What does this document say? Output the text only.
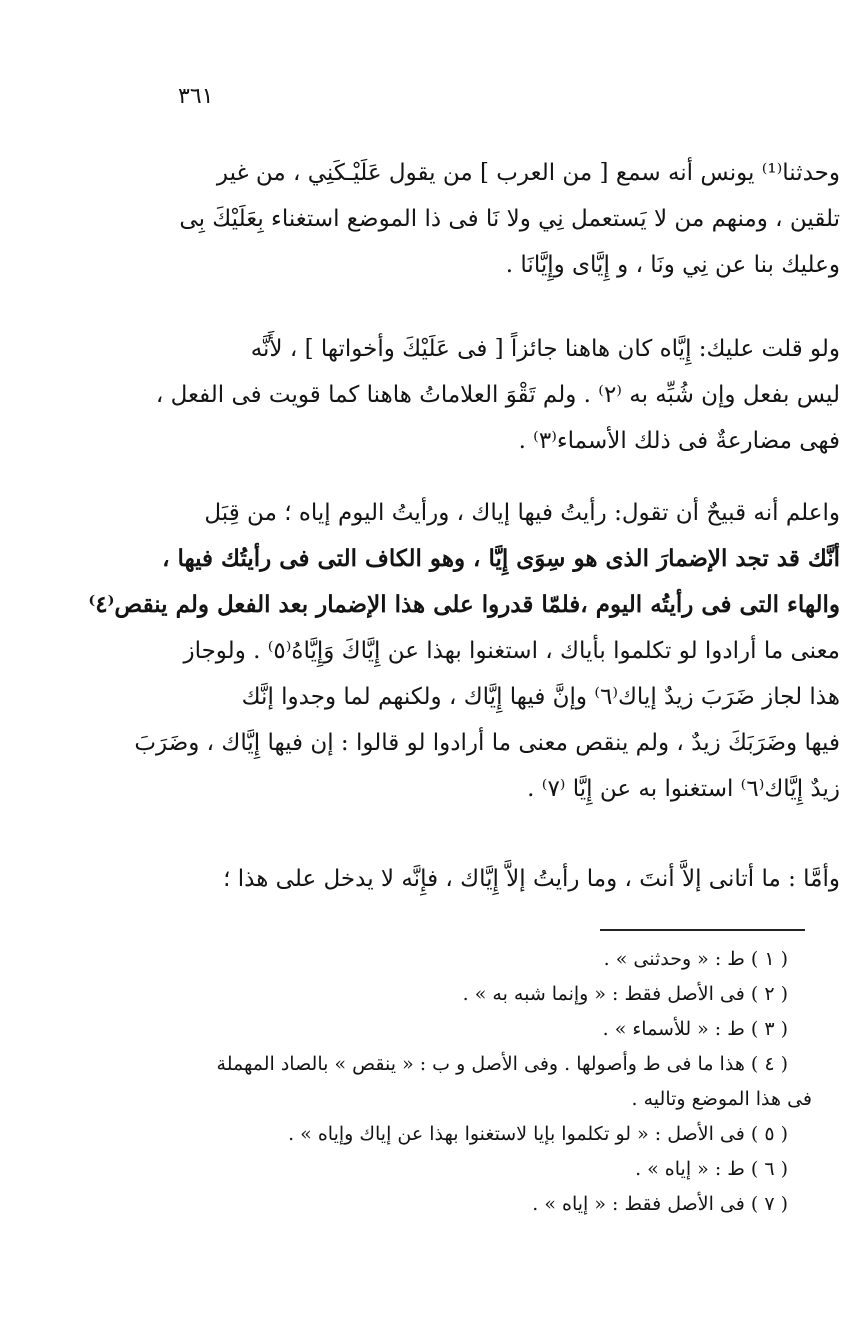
٣٦١
وحدثنا⁽¹⁾ يونس أنه سمع [ من العرب ] من يقول عَلَيْـكَنِي ، من غير
تلقين ، ومنهم من لا يَستعمل نِي ولا نَا فى ذا الموضع استغناء بِعَلَيْكَ بِى
وعليك بنا عن نِي ونَا ، و إِيَّاى وإِيَّانَا .
ولو قلت عليك: إِيَّاه كان هاهنا جائزاً [ فى عَلَيْكَ وأخواتها ] ، لأَنَّه
ليس بفعل وإن شُبِّه به ⁽٢⁾ . ولم تَقْوَ العلاماتُ هاهنا كما قويت فى الفعل ،
فهى مضارعةٌ فى ذلك الأسماء⁽٣⁾ .
واعلم أنه قبيحٌ أن تقول: رأيتُ فيها إياك ، ورأيتُ اليوم إياه ؛ من قِبَل
أنَّك قد تجد الإضمارَ الذى هو سِوَى إِيَّا ، وهو الكاف التى فى رأيتُك فيها ،
والهاء التى فى رأيتُه اليوم ،فلمّا قدروا على هذا الإضمار بعد الفعل ولم ينقص⁽٤⁾
معنى ما أرادوا لو تكلموا بأياك ، استغنوا بهذا عن إِيَّاكَ وَإِيَّاهُ⁽٥⁾ . ولوجاز
هذا لجاز ضَرَبَ زيدٌ إياك⁽٦⁾ وإنَّ فيها إِيَّاك ، ولكنهم لما وجدوا إنَّك
فيها وضَرَبَكَ زيدٌ ، ولم ينقص معنى ما أرادوا لو قالوا : إن فيها إِيَّاك ، وضَرَبَ
زيدٌ إِيَّاك⁽٦⁾ استغنوا به عن إِيَّا ⁽٧⁾ .
وأمَّا : ما أتانى إلاَّ أنتَ ، وما رأيتُ إلاَّ إِيَّاك ، فإِنَّه لا يدخل على هذا ؛
( ١ ) ط : « وحدثنى » .
( ٢ ) فى الأصل فقط : « وإنما شبه به » .
( ٣ ) ط : « للأسماء » .
( ٤ ) هذا ما فى ط وأصولها . وفى الأصل و ب : « ينقص » بالصاد المهملة
فى هذا الموضع وتاليه .
( ٥ ) فى الأصل : « لو تكلموا بإيا لاستغنوا بهذا عن إياك وإياه » .
( ٦ ) ط : « إياه » .
( ٧ ) فى الأصل فقط : « إياه » .
